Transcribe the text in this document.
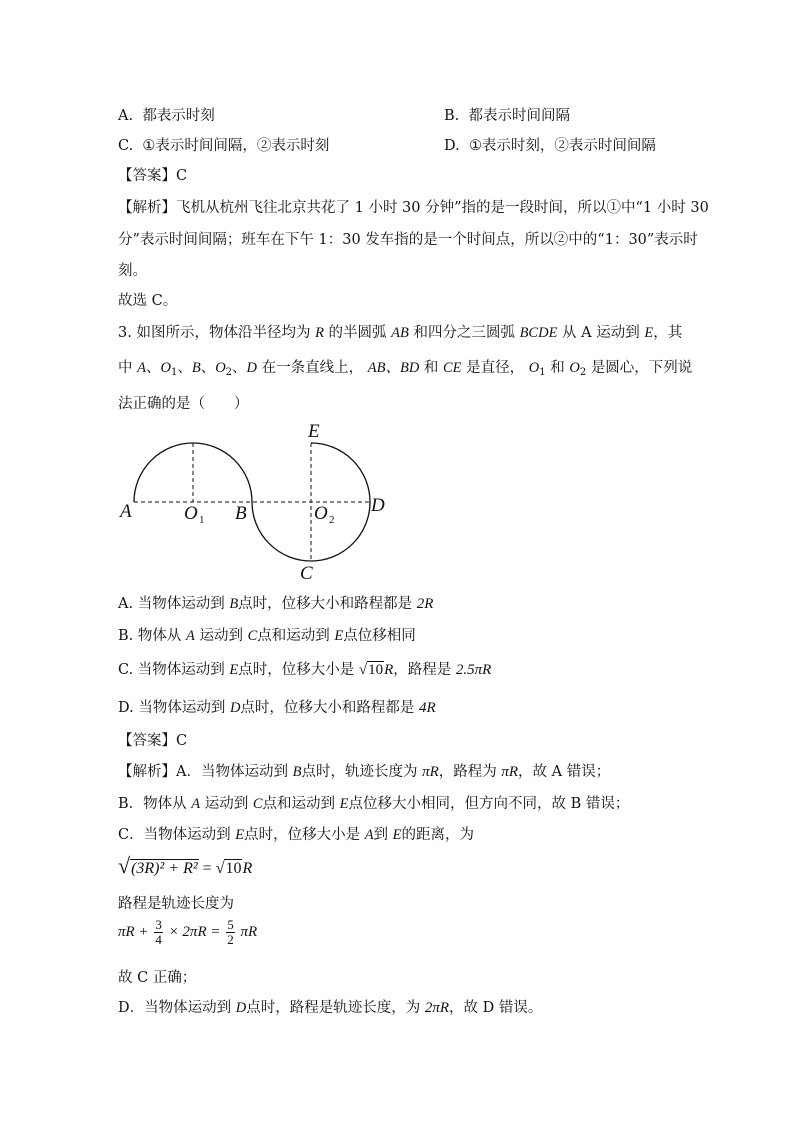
A. 都表示时刻	B. 都表示时间间隔
C. ①表示时间间隔，②表示时刻	D. ①表示时刻，②表示时间间隔
【答案】C
【解析】飞机从杭州飞往北京共花了 1 小时 30 分钟”指的是一段时间，所以①中“1 小时 30
分”表示时间间隔；班车在下午 1：30 发车指的是一个时间点，所以②中的“1：30”表示时
刻。
故选 C。
3. 如图所示，物体沿半径均为 R 的半圆弧 AB 和四分之三圆弧 BCDE 从 A 运动到 E，其
中 A、$O_1$、B、$O_2$、D 在一条直线上， AB、BD 和 CE 是直径， $O_1$ 和 $O_2$ 是圆心，下列说
法正确的是（　　）
A	O 1 B	O 2
D
E
C
A. 当物体运动到 B点时，位移大小和路程都是 2R
B. 物体从 A 运动到 C点和运动到 E点位移相同
C. 当物体运动到 E点时，位移大小是 √10R，路程是 2.5πR
D. 当物体运动到 D点时，位移大小和路程都是 4R
【答案】C
【解析】A．当物体运动到 B点时，轨迹长度为 πR，路程为 πR，故 A 错误；
B．物体从 A 运动到 C点和运动到 E点位移大小相同，但方向不同，故 B 错误；
C．当物体运动到 E点时，位移大小是 A到 E的距离，为
√(3R)² + R² = √10R
路程是轨迹长度为
$\pi R + \frac{3}{4} \times 2\pi R = \frac{5}{2}$ πR
故 C 正确；
D．当物体运动到 D点时，路程是轨迹长度，为 2πR，故 D 错误。
